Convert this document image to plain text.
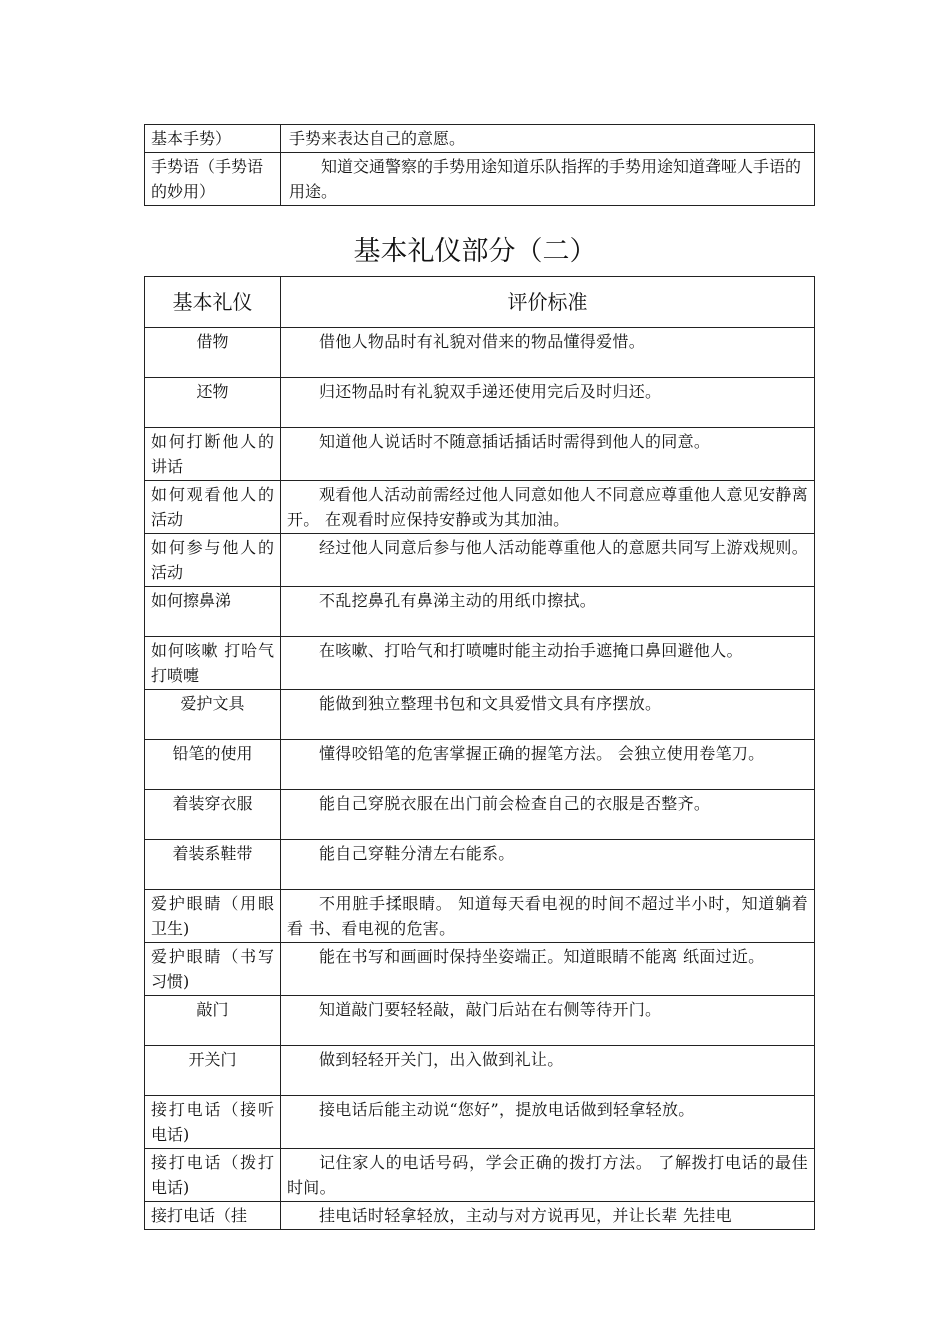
基本手势）	手势来表达自己的意愿。
手势语（手势语的妙用）	知道交通警察的手势用途知道乐队指挥的手势用途知道聋哑人手语的用途。
基本礼仪部分（二）
基本礼仪	评价标准
借物	借他人物品时有礼貌对借来的物品懂得爱惜。
还物	归还物品时有礼貌双手递还使用完后及时归还。
如何打断他人的讲话	知道他人说话时不随意插话插话时需得到他人的同意。
如何观看他人的活动	观看他人活动前需经过他人同意如他人不同意应尊重他人意见安静离开。 在观看时应保持安静或为其加油。
如何参与他人的活动	经过他人同意后参与他人活动能尊重他人的意愿共同写上游戏规则。
如何擦鼻涕	不乱挖鼻孔有鼻涕主动的用纸巾擦拭。
如何咳嗽 打哈气 打喷嚏	在咳嗽、打哈气和打喷嚏时能主动抬手遮掩口鼻回避他人。
爱护文具	能做到独立整理书包和文具爱惜文具有序摆放。
铅笔的使用	懂得咬铅笔的危害掌握正确的握笔方法。 会独立使用卷笔刀。
着装穿衣服	能自己穿脱衣服在出门前会检查自己的衣服是否整齐。
着装系鞋带	能自己穿鞋分清左右能系。
爱护眼睛（用眼卫生)	不用脏手揉眼睛。 知道每天看电视的时间不超过半小时，知道躺着看 书、看电视的危害。
爱护眼睛（书写习惯)	能在书写和画画时保持坐姿端正。知道眼睛不能离 纸面过近。
敲门	知道敲门要轻轻敲，敲门后站在右侧等待开门。
开关门	做到轻轻开关门，出入做到礼让。
接打电话（接听电话)	接电话后能主动说“您好”，提放电话做到轻拿轻放。
接打电话（拨打电话)	记住家人的电话号码，学会正确的拨打方法。 了解拨打电话的最佳时间。
接打电话（挂	挂电话时轻拿轻放，主动与对方说再见，并让长辈 先挂电
